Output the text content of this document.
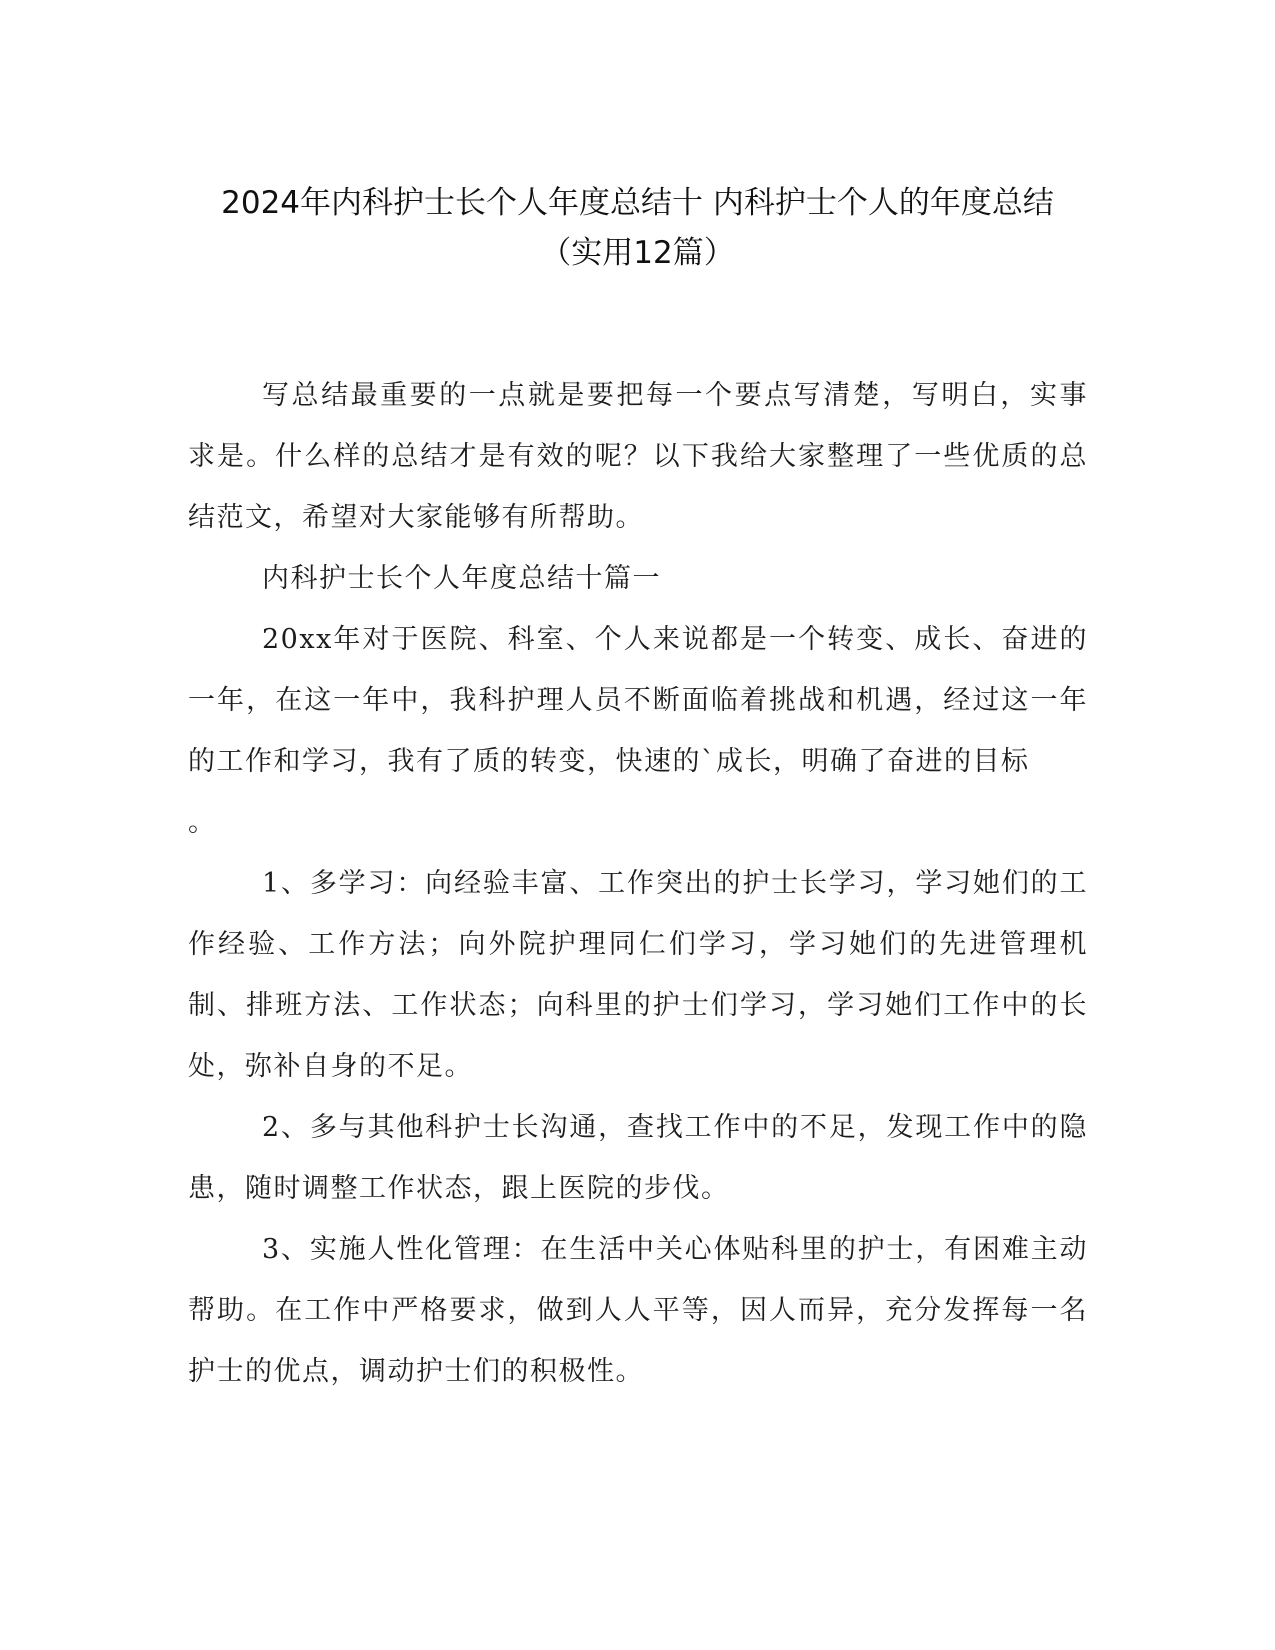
2024年内科护士长个人年度总结十 内科护士个人的年度总结
（实用12篇）

写总结最重要的一点就是要把每一个要点写清楚，写明白，实事求是。什么样的总结才是有效的呢？以下我给大家整理了一些优质的总结范文，希望对大家能够有所帮助。

内科护士长个人年度总结十篇一

20xx年对于医院、科室、个人来说都是一个转变、成长、奋进的一年，在这一年中，我科护理人员不断面临着挑战和机遇，经过这一年的工作和学习，我有了质的转变，快速的`成长，明确了奋进的目标

。

1、多学习：向经验丰富、工作突出的护士长学习，学习她们的工作经验、工作方法；向外院护理同仁们学习，学习她们的先进管理机制、排班方法、工作状态；向科里的护士们学习，学习她们工作中的长处，弥补自身的不足。

2、多与其他科护士长沟通，查找工作中的不足，发现工作中的隐患，随时调整工作状态，跟上医院的步伐。

3、实施人性化管理：在生活中关心体贴科里的护士，有困难主动帮助。在工作中严格要求，做到人人平等，因人而异，充分发挥每一名护士的优点，调动护士们的积极性。
